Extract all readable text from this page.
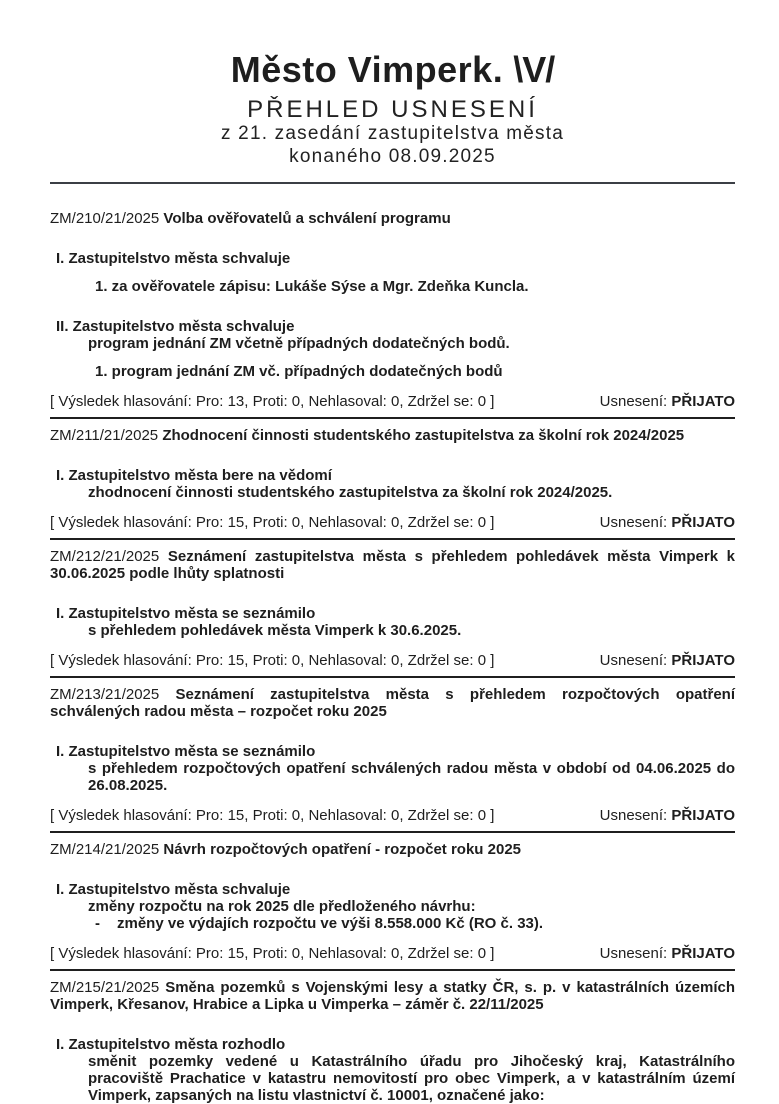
Město Vimperk. \V/
PŘEHLED USNESENÍ
z 21. zasedání zastupitelstva města
konaného 08.09.2025

ZM/210/21/2025 Volba ověřovatelů a schválení programu

I. Zastupitelstvo města schvaluje

1. za ověřovatele zápisu: Lukáše Sýse a Mgr. Zdeňka Kuncla.

II. Zastupitelstvo města schvaluje

program jednání ZM včetně případných dodatečných bodů.

1. program jednání ZM vč. případných dodatečných bodů

[ Výsledek hlasování: Pro: 13, Proti: 0, Nehlasoval: 0, Zdržel se: 0 ]	Usnesení: PŘIJATO

ZM/211/21/2025 Zhodnocení činnosti studentského zastupitelstva za školní rok 2024/2025

I. Zastupitelstvo města bere na vědomí

zhodnocení činnosti studentského zastupitelstva za školní rok 2024/2025.

[ Výsledek hlasování: Pro: 15, Proti: 0, Nehlasoval: 0, Zdržel se: 0 ]	Usnesení: PŘIJATO

ZM/212/21/2025 Seznámení zastupitelstva města s přehledem pohledávek města Vimperk k 30.06.2025 podle lhůty splatnosti

I. Zastupitelstvo města se seznámilo

s přehledem pohledávek města Vimperk k 30.6.2025.

[ Výsledek hlasování: Pro: 15, Proti: 0, Nehlasoval: 0, Zdržel se: 0 ]	Usnesení: PŘIJATO

ZM/213/21/2025 Seznámení zastupitelstva města s přehledem rozpočtových opatření schválených radou města – rozpočet roku 2025

I. Zastupitelstvo města se seznámilo

s přehledem rozpočtových opatření schválených radou města v období od 04.06.2025 do 26.08.2025.

[ Výsledek hlasování: Pro: 15, Proti: 0, Nehlasoval: 0, Zdržel se: 0 ]	Usnesení: PŘIJATO

ZM/214/21/2025 Návrh rozpočtových opatření - rozpočet roku 2025

I. Zastupitelstvo města schvaluje

změny rozpočtu na rok 2025 dle předloženého návrhu:

-	změny ve výdajích rozpočtu ve výši 8.558.000 Kč (RO č. 33).
[ Výsledek hlasování: Pro: 15, Proti: 0, Nehlasoval: 0, Zdržel se: 0 ]	Usnesení: PŘIJATO

ZM/215/21/2025 Směna pozemků s Vojenskými lesy a statky ČR, s. p. v katastrálních územích Vimperk, Křesanov, Hrabice a Lipka u Vimperka – záměr č. 22/11/2025

I. Zastupitelstvo města rozhodlo

směnit pozemky vedené u Katastrálního úřadu pro Jihočeský kraj, Katastrálního pracoviště Prachatice v katastru nemovitostí pro obec Vimperk, a v katastrálním území Vimperk, zapsaných na listu vlastnictví č. 10001, označené jako:
